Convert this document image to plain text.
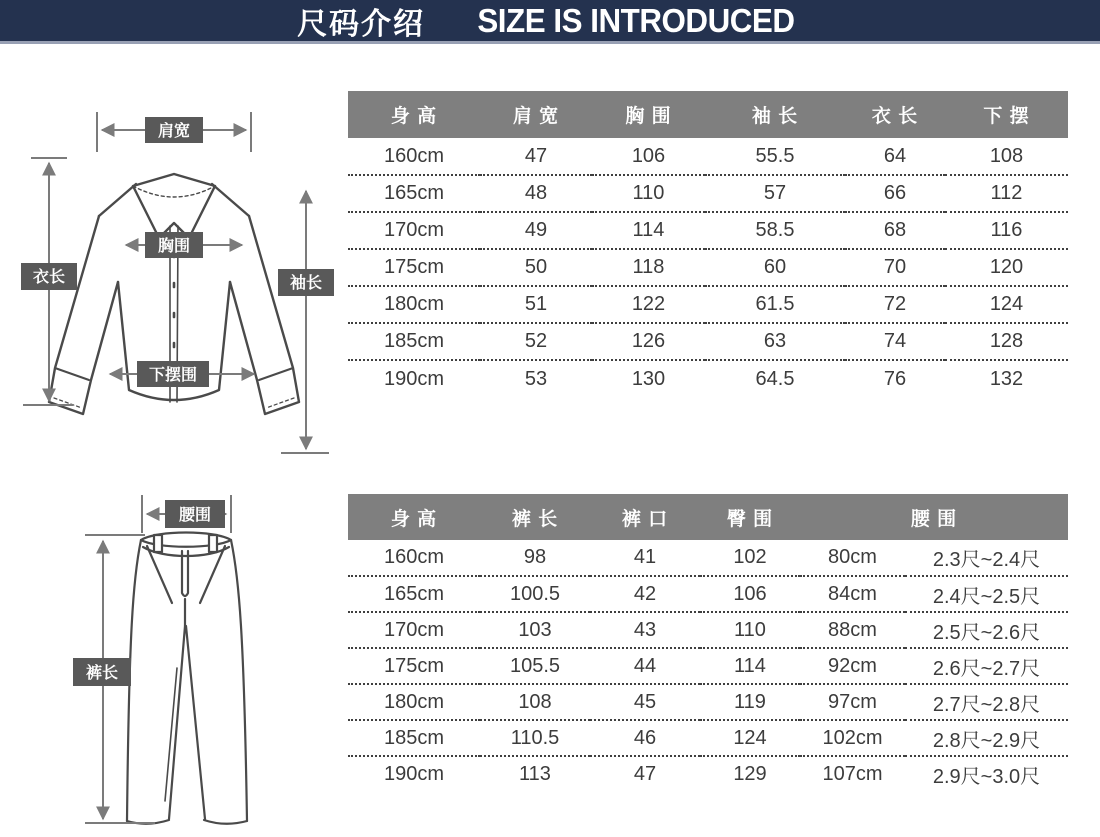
尺码介绍 SIZE IS INTRODUCED
肩宽
胸围
下摆围
衣长	袖长
身 高	肩 宽	胸 围	袖 长	衣 长	下 摆
160cm	47	106	55.5	64	108
165cm	48	110	57	66	112
170cm	49	114	58.5	68	116
175cm	50	118	60	70	120
180cm	51	122	61.5	72	124
185cm	52	126	63	74	128
190cm	53	130	64.5	76	132
腰围
裤长
身 高	裤 长	裤 口	臀 围	腰 围	
160cm	98	41	102	80cm	2.3尺~2.4尺
165cm	100.5	42	106	84cm	2.4尺~2.5尺
170cm	103	43	110	88cm	2.5尺~2.6尺
175cm	105.5	44	114	92cm	2.6尺~2.7尺
180cm	108	45	119	97cm	2.7尺~2.8尺
185cm	110.5	46	124	102cm	2.8尺~2.9尺
190cm	113	47	129	107cm	2.9尺~3.0尺
